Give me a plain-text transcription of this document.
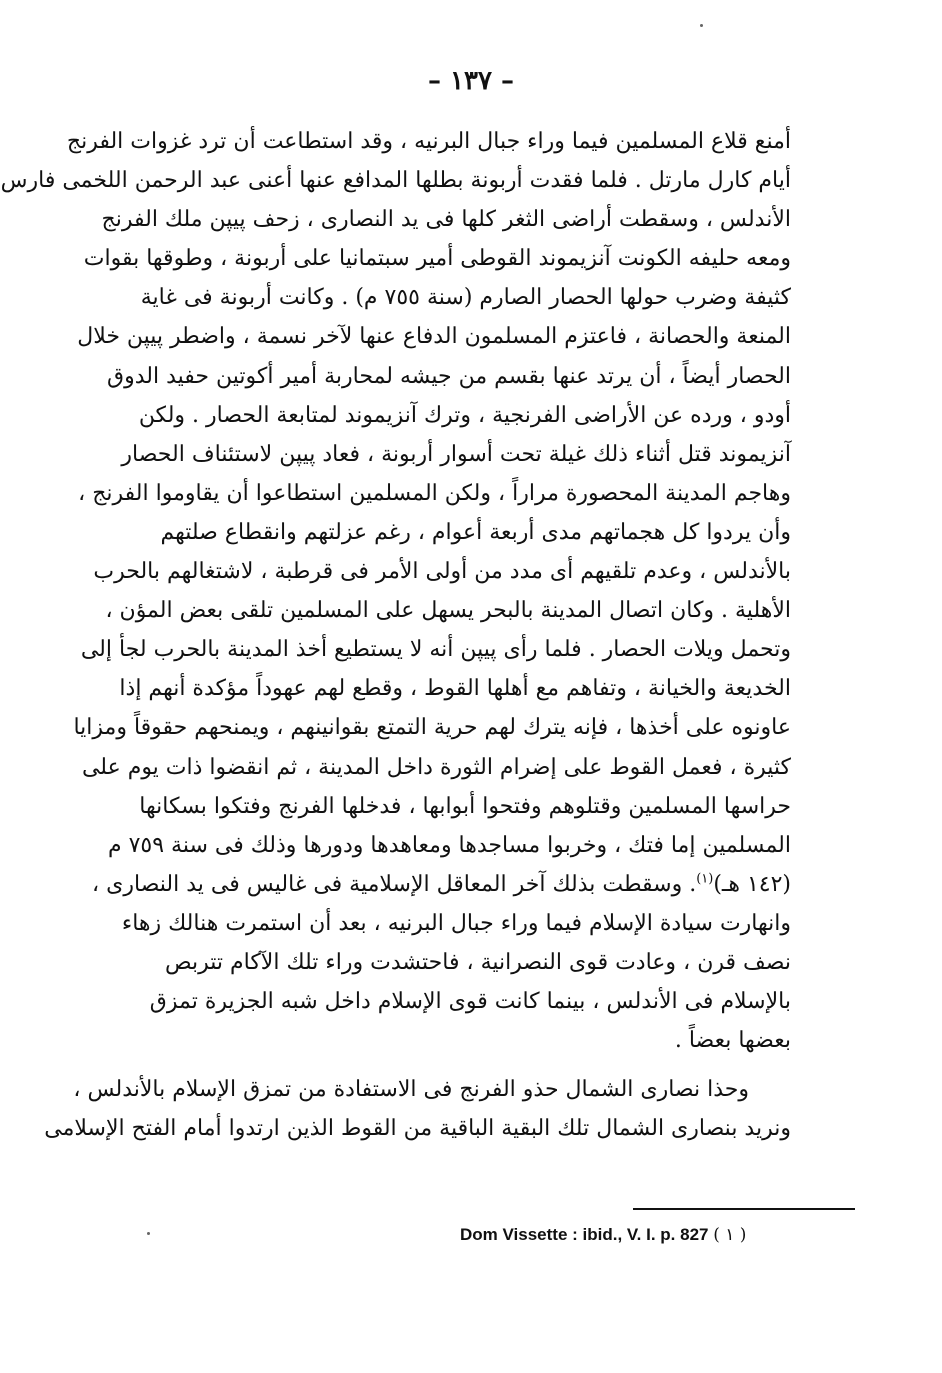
– ١٣٧ –

أمنع قلاع المسلمين فيما وراء جبال البرنيه ، وقد استطاعت أن ترد غزوات الفرنج

أيام كارل مارتل . فلما فقدت أربونة بطلها المدافع عنها أعنى عبد الرحمن اللخمى فارس

الأندلس ، وسقطت أراضى الثغر كلها فى يد النصارى ، زحف پيپن ملك الفرنج

ومعه حليفه الكونت آنزيموند القوطى أمير سبتمانيا على أربونة ، وطوقها بقوات

كثيفة وضرب حولها الحصار الصارم (سنة ٧٥٥ م) . وكانت أربونة فى غاية

المنعة والحصانة ، فاعتزم المسلمون الدفاع عنها لآخر نسمة ، واضطر پيپن خلال

الحصار أيضاً ، أن يرتد عنها بقسم من جيشه لمحاربة أمير أكوتين حفيد الدوق

أودو ، ورده عن الأراضى الفرنجية ، وترك آنزيموند لمتابعة الحصار . ولكن

آنزيموند قتل أثناء ذلك غيلة تحت أسوار أربونة ، فعاد پيپن لاستئناف الحصار

وهاجم المدينة المحصورة مراراً ، ولكن المسلمين استطاعوا أن يقاوموا الفرنج ،

وأن يردوا كل هجماتهم مدى أربعة أعوام ، رغم عزلتهم وانقطاع صلتهم

بالأندلس ، وعدم تلقيهم أى مدد من أولى الأمر فى قرطبة ، لاشتغالهم بالحرب

الأهلية . وكان اتصال المدينة بالبحر يسهل على المسلمين تلقى بعض المؤن ،

وتحمل ويلات الحصار . فلما رأى پيپن أنه لا يستطيع أخذ المدينة بالحرب لجأ إلى

الخديعة والخيانة ، وتفاهم مع أهلها القوط ، وقطع لهم عهوداً مؤكدة أنهم إذا

عاونوه على أخذها ، فإنه يترك لهم حرية التمتع بقوانينهم ، ويمنحهم حقوقاً ومزايا

كثيرة ، فعمل القوط على إضرام الثورة داخل المدينة ، ثم انقضوا ذات يوم على

حراسها المسلمين وقتلوهم وفتحوا أبوابها ، فدخلها الفرنج وفتكوا بسكانها

المسلمين إما فتك ، وخربوا مساجدها ومعاهدها ودورها وذلك فى سنة ٧٥٩ م

(١٤٢ هـ)$^{(١)}$. وسقطت بذلك آخر المعاقل الإسلامية فى غاليس فى يد النصارى ،

وانهارت سيادة الإسلام فيما وراء جبال البرنيه ، بعد أن استمرت هنالك زهاء

نصف قرن ، وعادت قوى النصرانية ، فاحتشدت وراء تلك الآكام تتربص

بالإسلام فى الأندلس ، بينما كانت قوى الإسلام داخل شبه الجزيرة تمزق

بعضها بعضاً .

وحذا نصارى الشمال حذو الفرنج فى الاستفادة من تمزق الإسلام بالأندلس ،

ونريد بنصارى الشمال تلك البقية الباقية من القوط الذين ارتدوا أمام الفتح الإسلامى

Dom Vissette : ibid., V. I. p. 827 ( ١ )
